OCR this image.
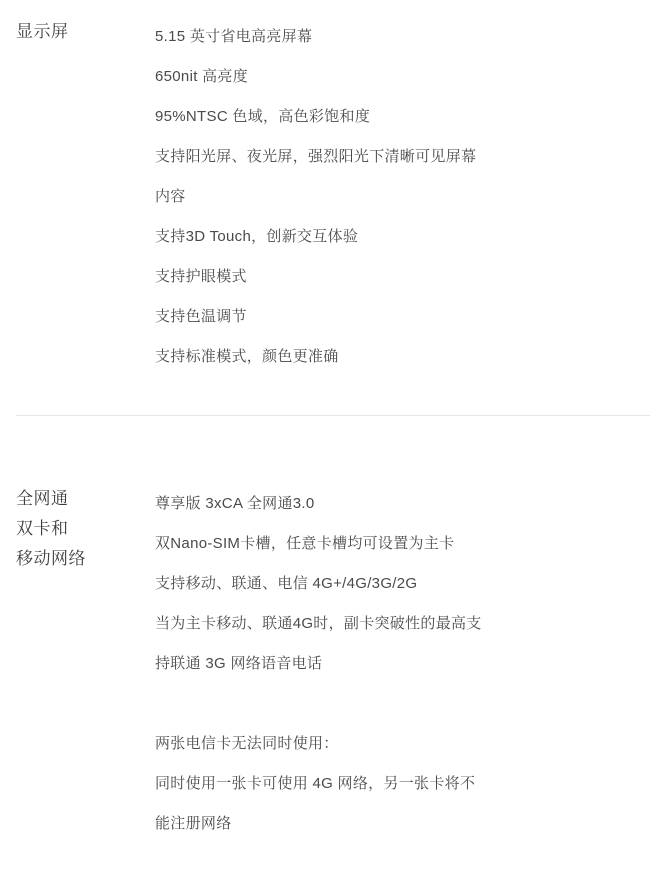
显示屏	5.15 英寸省电高亮屏幕
650nit 高亮度
95%NTSC 色域，高色彩饱和度
支持阳光屏、夜光屏，强烈阳光下清晰可见屏幕
内容
支持3D Touch，创新交互体验
支持护眼模式
支持色温调节
支持标准模式，颜色更准确
全网通
双卡和
移动网络
尊享版 3xCA 全网通3.0
双Nano-SIM卡槽，任意卡槽均可设置为主卡
支持移动、联通、电信 4G+/4G/3G/2G
当为主卡移动、联通4G时，副卡突破性的最高支
持联通 3G 网络语音电话
两张电信卡无法同时使用：
同时使用一张卡可使用 4G 网络，另一张卡将不
能注册网络
